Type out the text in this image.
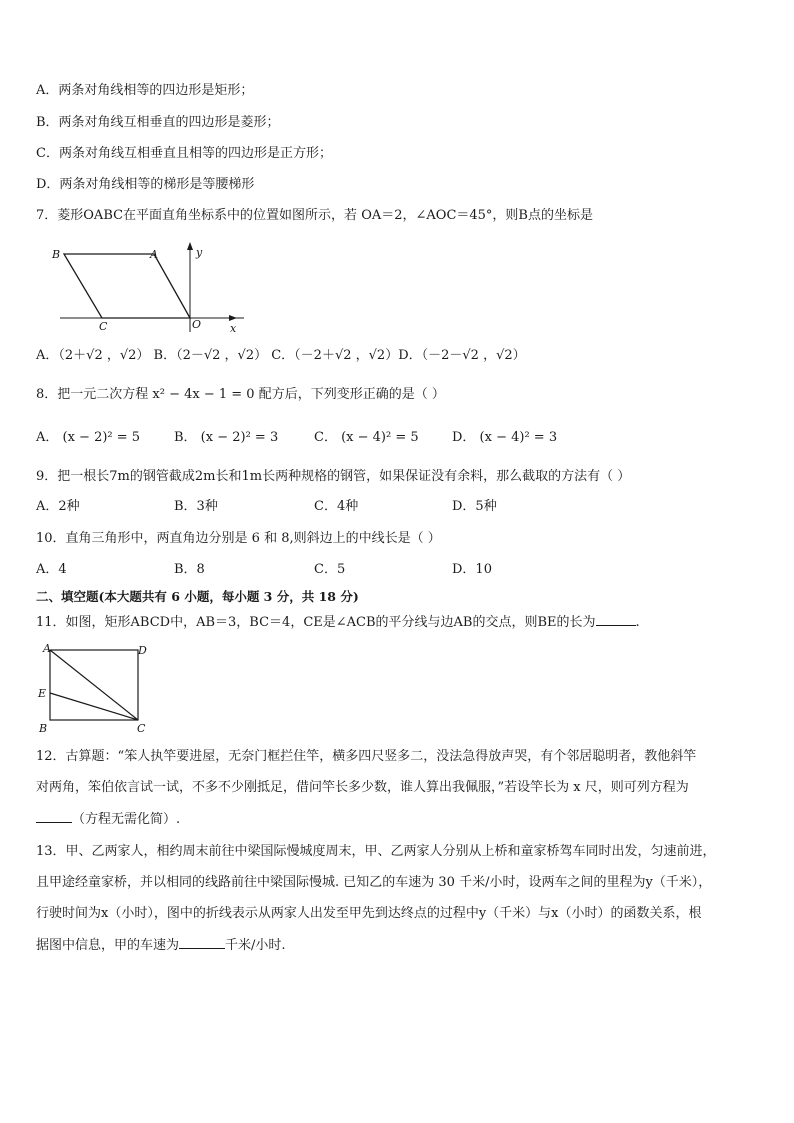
A．两条对角线相等的四边形是矩形；
B．两条对角线互相垂直的四边形是菱形；
C．两条对角线互相垂直且相等的四边形是正方形；
D．两条对角线相等的梯形是等腰梯形
7．菱形OABC在平面直角坐标系中的位置如图所示，若 OA＝2，∠AOC＝45°，则B点的坐标是
B	A	y
C	O	x
A．（2＋√2 ，√2） B．（2－√2 ，√2） C．（－2＋√2 ，√2）D．（－2－√2 ，√2）
8．把一元二次方程 x² − 4x − 1 = 0 配方后，下列变形正确的是（ ）
A． (x − 2)² = 5	B． (x − 2)² = 3	C． (x − 4)² = 5	D． (x − 4)² = 3
9．把一根长7m的钢管截成2m长和1m长两种规格的钢管，如果保证没有余料，那么截取的方法有（ ）
A．2种	B．3种	C．4种	D．5种
10．直角三角形中，两直角边分别是 6 和 8,则斜边上的中线长是（ ）
A．4	B．8	C．5	D．10
二、填空题(本大题共有 6 小题，每小题 3 分，共 18 分)
11．如图，矩形ABCD中，AB＝3，BC＝4，CE是∠ACB的平分线与边AB的交点，则BE的长为	.
A	D
E
B	C
12．古算题：“笨人执竿要进屋，无奈门框拦住竿，横多四尺竖多二，没法急得放声哭，有个邻居聪明者，教他斜竿
对两角，笨伯依言试一试，不多不少刚抵足，借问竿长多少数，谁人算出我佩服，”若设竿长为 x 尺，则可列方程为
（方程无需化简）.
13．甲、乙两家人，相约周末前往中梁国际慢城度周末，甲、乙两家人分别从上桥和童家桥驾车同时出发，匀速前进，
且甲途经童家桥，并以相同的线路前往中梁国际慢城. 已知乙的车速为 30 千米/小时，设两车之间的里程为y（千米），
行驶时间为x（小时），图中的折线表示从两家人出发至甲先到达终点的过程中y（千米）与x（小时）的函数关系，根
据图中信息，甲的车速为	千米/小时.
